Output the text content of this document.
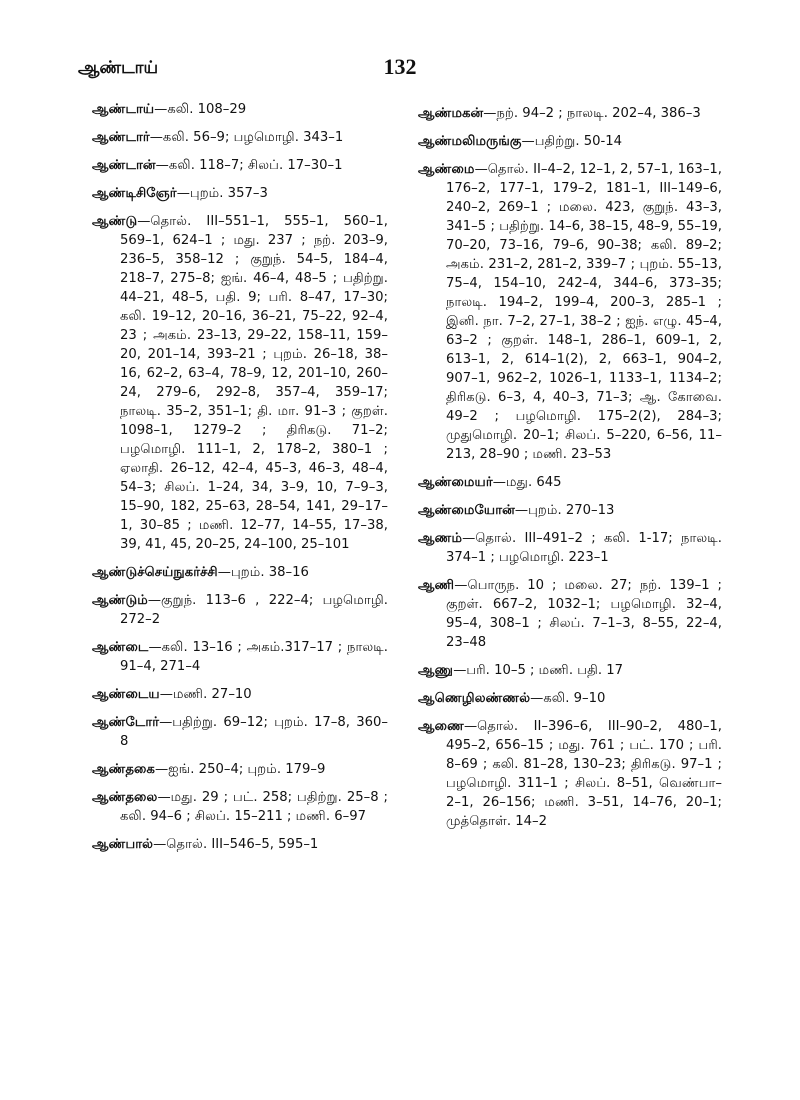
ஆண்டாய்	132

ஆண்டாய்—கலி. 108–29

ஆண்டார்—கலி. 56–9; பழமொழி. 343–1

ஆண்டான்—கலி. 118–7; சிலப். 17–30–1

ஆண்டிசிஞேர்—புறம். 357–3

ஆண்டு—தொல். III–551–1, 555–1, 560–1, 569–1, 624–1 ; மது. 237 ; நற். 203–9, 236–5, 358–12 ; குறுந். 54–5, 184–4, 218–7, 275–8; ஐங். 46–4, 48–5 ; பதிற்று. 44–21, 48–5, பதி. 9; பரி. 8–47, 17–30; கலி. 19–12, 20–16, 36–21, 75–22, 92–4, 23 ; அகம். 23–13, 29–22, 158–11, 159–20, 201–14, 393–21 ; புறம். 26–18, 38–16, 62–2, 63–4, 78–9, 12, 201–10, 260–24, 279–6, 292–8, 357–4, 359–17; நாலடி. 35–2, 351–1; தி. மா. 91–3 ; குறள். 1098–1, 1279–2 ; திரிகடு. 71–2; பழமொழி. 111–1, 2, 178–2, 380–1 ; ஏலாதி. 26–12, 42–4, 45–3, 46–3, 48–4, 54–3; சிலப். 1–24, 34, 3–9, 10, 7–9–3, 15–90, 182, 25–63, 28–54, 141, 29–17–1, 30–85 ; மணி. 12–77, 14–55, 17–38, 39, 41, 45, 20–25, 24–100, 25–101

ஆண்டுச்செய்நுகர்ச்சி—புறம். 38–16

ஆண்டும்—குறுந். 113–6 , 222–4; பழமொழி. 272–2

ஆண்டை—கலி. 13–16 ; அகம்.317–17 ; நாலடி. 91–4, 271–4

ஆண்டைய—மணி. 27–10

ஆண்டோர்—பதிற்று. 69–12; புறம். 17–8, 360–8

ஆண்தகை—ஐங். 250–4; புறம். 179–9

ஆண்தலை—மது. 29 ; பட். 258; பதிற்று. 25–8 ; கலி. 94–6 ; சிலப். 15–211 ; மணி. 6–97

ஆண்பால்—தொல். III–546–5, 595–1

ஆண்மகன்—நற். 94–2 ; நாலடி. 202–4, 386–3

ஆண்மலிமருங்கு—பதிற்று. 50-14

ஆண்மை—தொல். II–4–2, 12–1, 2, 57–1, 163–1, 176–2, 177–1, 179–2, 181–1, III–149–6, 240–2, 269–1 ; மலை. 423, குறுந். 43–3, 341–5 ; பதிற்று. 14–6, 38–15, 48–9, 55–19, 70–20, 73–16, 79–6, 90–38; கலி. 89–2; அகம். 231–2, 281–2, 339–7 ; புறம். 55–13, 75–4, 154–10, 242–4, 344–6, 373–35; நாலடி. 194–2, 199–4, 200–3, 285–1 ; இனி. நா. 7–2, 27–1, 38–2 ; ஐந். எழு. 45–4, 63–2 ; குறள். 148–1, 286–1, 609–1, 2, 613–1, 2, 614–1(2), 2, 663–1, 904–2, 907–1, 962–2, 1026–1, 1133–1, 1134–2; திரிகடு. 6–3, 4, 40–3, 71–3; ஆ. கோவை. 49–2 ; பழமொழி. 175–2(2), 284–3; முதுமொழி. 20–1; சிலப். 5–220, 6–56, 11–213, 28–90 ; மணி. 23–53

ஆண்மையர்—மது. 645

ஆண்மையோன்—புறம். 270–13

ஆணம்—தொல். III–491–2 ; கலி. 1-17; நாலடி. 374–1 ; பழமொழி. 223–1

ஆணி—பொருந. 10 ; மலை. 27; நற். 139–1 ; குறள். 667–2, 1032–1; பழமொழி. 32–4, 95–4, 308–1 ; சிலப். 7–1–3, 8–55, 22–4, 23–48

ஆணு—பரி. 10–5 ; மணி. பதி. 17

ஆணெழிலண்ணல்—கலி. 9–10

ஆணை—தொல். II–396–6, III–90–2, 480–1, 495–2, 656–15 ; மது. 761 ; பட். 170 ; பரி. 8–69 ; கலி. 81–28, 130–23; திரிகடு. 97–1 ; பழமொழி. 311–1 ; சிலப். 8–51, வெண்பா–2–1, 26–156; மணி. 3–51, 14–76, 20–1; முத்தொள். 14–2
